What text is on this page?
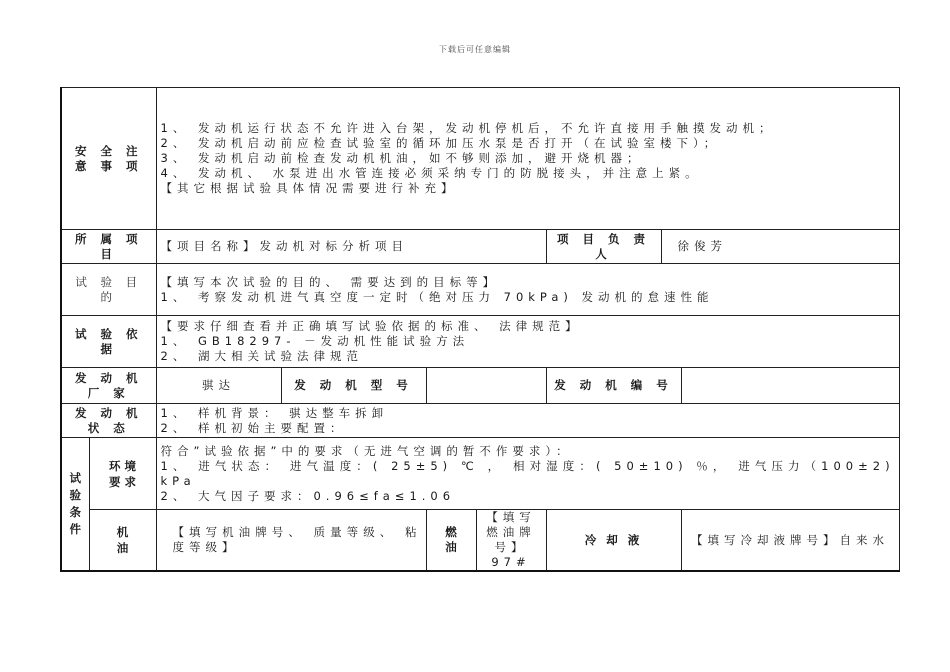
下载后可任意编辑
安 全 注 意 事 项		1、 发动机运行状态不允许进入台架，发动机停机后，不允许直接用手触摸发动机；
2、 发动机启动前应检查试验室的循环加压水泵是否打开（在试验室楼下）；
3、 发动机启动前检查发动机机油，如不够则添加，避开烧机器；
4、 发动机、 水泵进出水管连接必须采纳专门的防脱接头，并注意上紧。
【其它根据试验具体情况需要进行补充】						

所 属 项 目		【项目名称】发动机对标分析项目				项 目 负 责 人	徐俊芳	
试 验 目 的		【填写本次试验的目的、 需要达到的目标等】
1、 考察发动机进气真空度一定时（绝对压力 70kPa) 发动机的怠速性能						

试 验 依 据		【要求仔细查看并正确填写试验依据的标准、 法律规范】
1、 GB18297- －发动机性能试验方法
2、 湖大相关试验法律规范						

发 动 机 厂 家		骐达	发 动 机 型 号			发 动 机 编 号		
发 动 机 状 态		1、 样机背景： 骐达整车拆卸
2、 样机初始主要配置：						

试 验 条 件	环 境 要 求	符合”试验依据”中的要求（无进气空调的暂不作要求）：
1、 进气状态： 进气温度：( 25±5) ℃ ， 相对湿度：( 50±10) ％， 进气压力（100±2) kPa
2、 大气因子要求：0.96≤fa≤1.06						

	机 油	【填写机油牌号、 质量等级、 粘度等级】		燃 油	【填写燃油牌号】97#	冷 却 液		【填写冷却液牌号】自来水
